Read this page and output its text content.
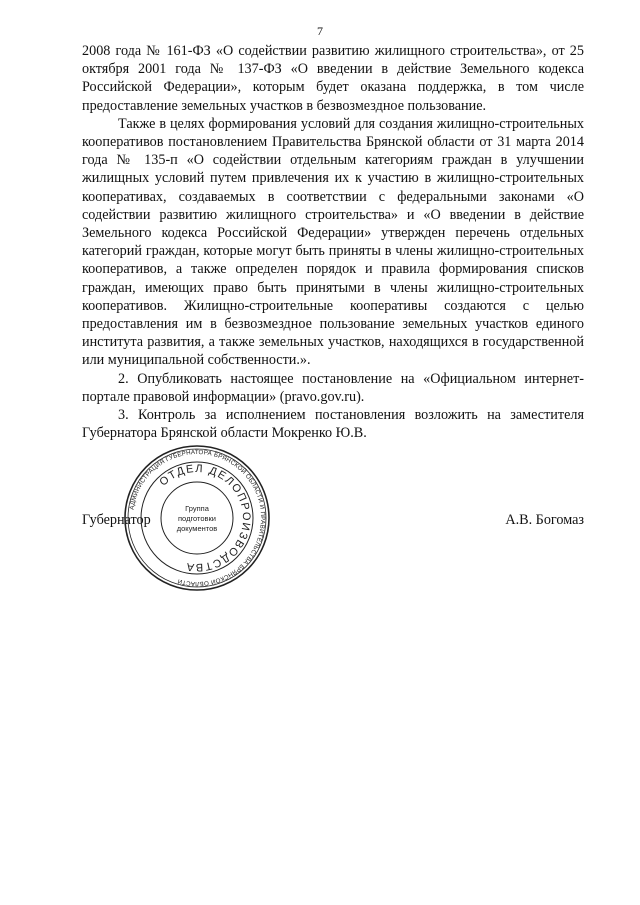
7

2008 года № 161-ФЗ «О содействии развитию жилищного строительства», от 25 октября 2001 года № 137-ФЗ «О введении в действие Земельного кодекса Российской Федерации», которым будет оказана поддержка, в том числе предоставление земельных участков в безвозмездное пользование.

Также в целях формирования условий для создания жилищно-строительных кооперативов постановлением Правительства Брянской области от 31 марта 2014 года № 135-п «О содействии отдельным категориям граждан в улучшении жилищных условий путем привлечения их к участию в жилищно-строительных кооперативах, создаваемых в соответствии с федеральными законами «О содействии развитию жилищного строительства» и «О введении в действие Земельного кодекса Российской Федерации» утвержден перечень отдельных категорий граждан, которые могут быть приняты в члены жилищно-строительных кооперативов, а также определен порядок и правила формирования списков граждан, имеющих право быть принятыми в члены жилищно-строительных кооперативов. Жилищно-строительные кооперативы создаются с целью предоставления им в безвозмездное пользование земельных участков единого института развития, а также земельных участков, находящихся в государственной или муниципальной собственности.».

2. Опубликовать настоящее постановление на «Официальном интернет-портале правовой информации» (pravo.gov.ru).

3. Контроль за исполнением постановления возложить на заместителя Губернатора Брянской области Мокренко Ю.В.

Губернатор	А.В. Богомаз
АДМИНИСТРАЦИЯ ГУБЕРНАТОРА БРЯНСКОЙ ОБЛАСТИ И ПРАВИТЕЛЬСТВА БРЯНСКОЙ ОБЛАСТИ
ОТДЕЛ ДЕЛОПРОИЗВОДСТВА
Группа
подготовки
документов
